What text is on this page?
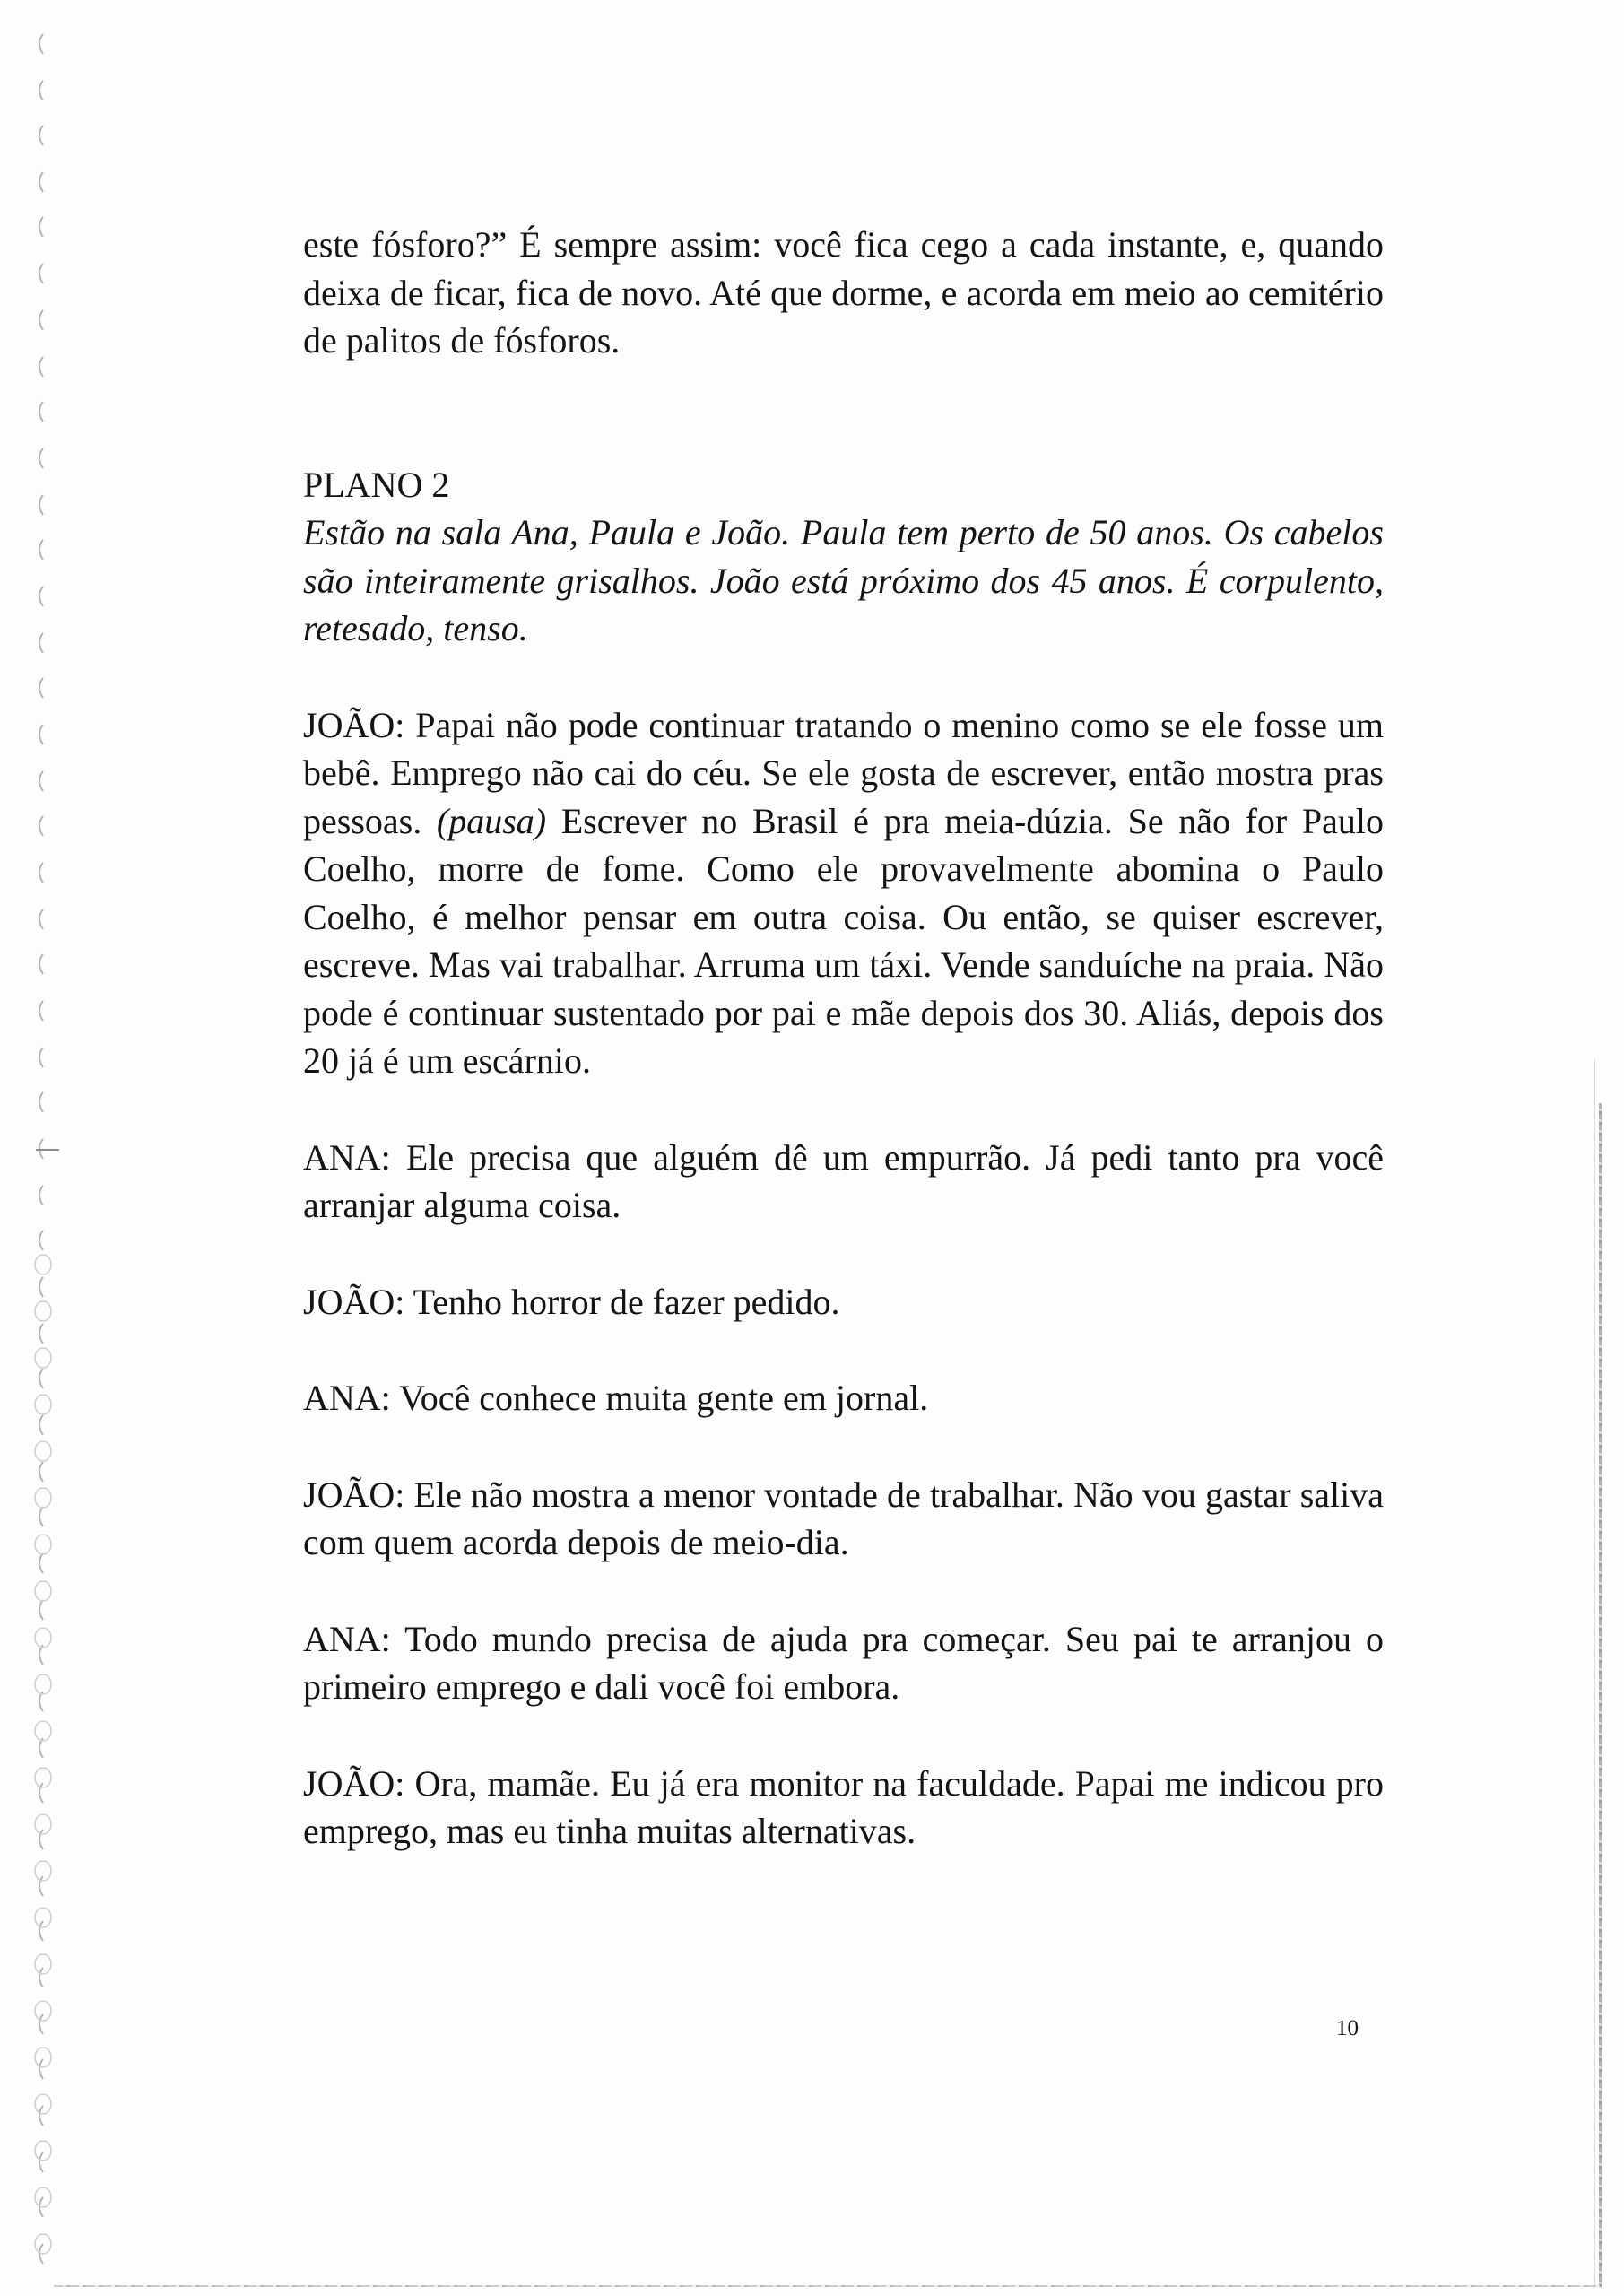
este fósforo?” É sempre assim: você fica cego a cada instante, e, quando deixa de ficar, fica de novo. Até que dorme, e acorda em meio ao cemitério de palitos de fósforos.

PLANO 2

Estão na sala Ana, Paula e João. Paula tem perto de 50 anos. Os cabelos são inteiramente grisalhos. João está próximo dos 45 anos. É corpulento, retesado, tenso.

JOÃO: Papai não pode continuar tratando o menino como se ele fosse um bebê. Emprego não cai do céu. Se ele gosta de escrever, então mostra pras pessoas. (pausa) Escrever no Brasil é pra meia-dúzia. Se não for Paulo Coelho, morre de fome. Como ele provavelmente abomina o Paulo Coelho, é melhor pensar em outra coisa. Ou então, se quiser escrever, escreve. Mas vai trabalhar. Arruma um táxi. Vende sanduíche na praia. Não pode é continuar sustentado por pai e mãe depois dos 30. Aliás, depois dos 20 já é um escárnio.

ANA: Ele precisa que alguém dê um empurrão. Já pedi tanto pra você arranjar alguma coisa.

JOÃO: Tenho horror de fazer pedido.

ANA: Você conhece muita gente em jornal.

JOÃO: Ele não mostra a menor vontade de trabalhar. Não vou gastar saliva com quem acorda depois de meio-dia.

ANA: Todo mundo precisa de ajuda pra começar. Seu pai te arranjou o primeiro emprego e dali você foi embora.

JOÃO: Ora, mamãe. Eu já era monitor na faculdade. Papai me indicou pro emprego, mas eu tinha muitas alternativas.

10
